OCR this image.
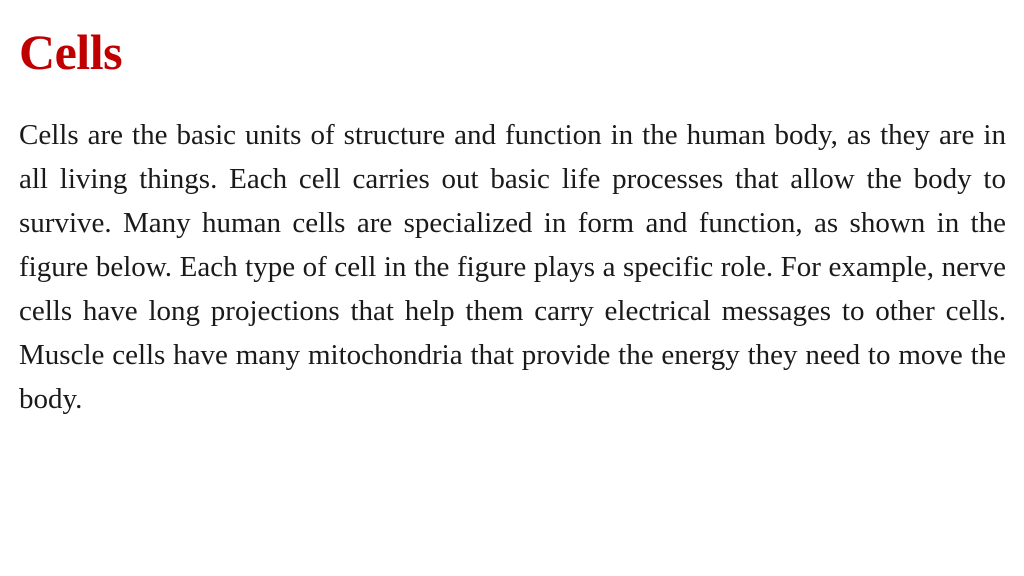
Cells

Cells are the basic units of structure and function in the human body, as they are in all living things. Each cell carries out basic life processes that allow the body to survive. Many human cells are specialized in form and function, as shown in the figure below. Each type of cell in the figure plays a specific role. For example, nerve cells have long projections that help them carry electrical messages to other cells. Muscle cells have many mitochondria that provide the energy they need to move the body.
